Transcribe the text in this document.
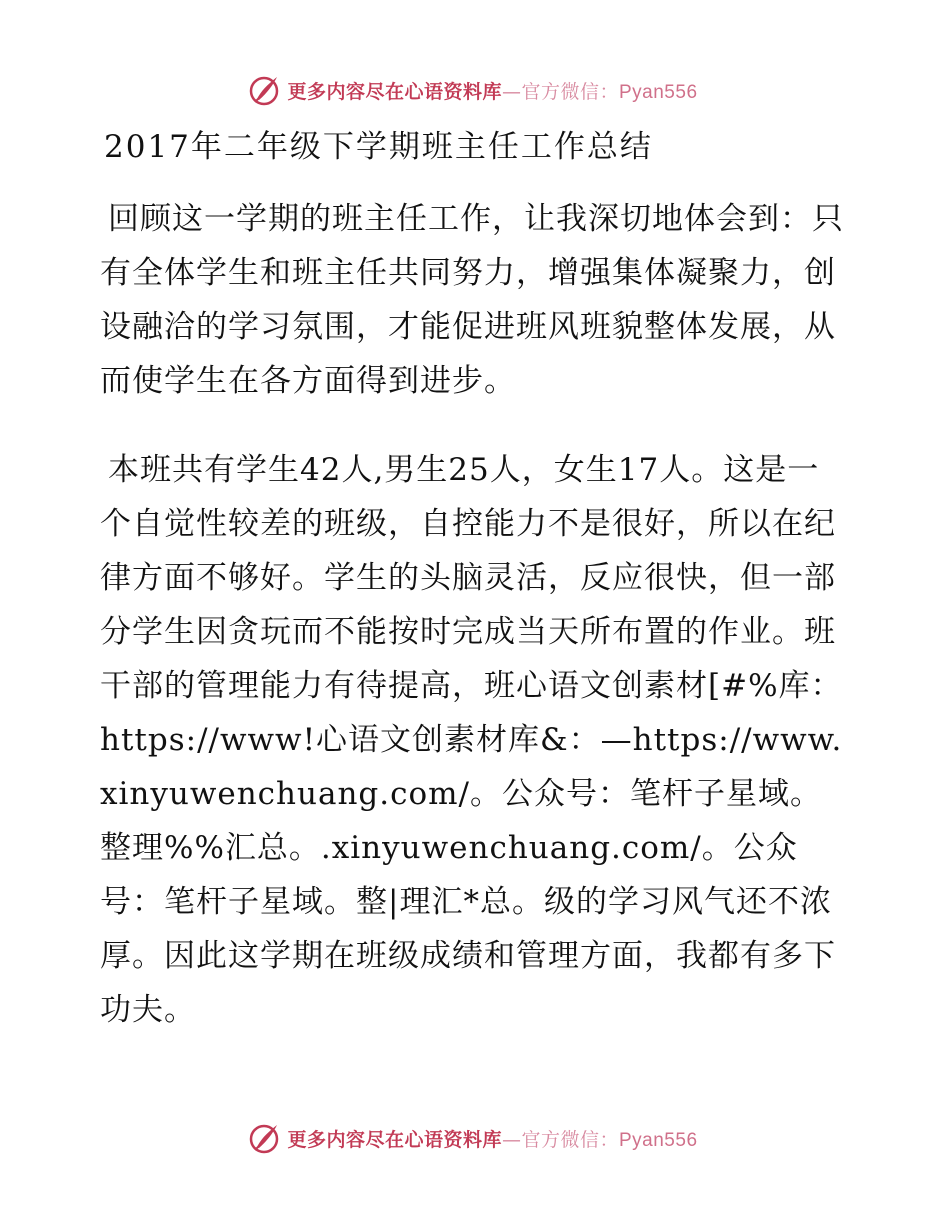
更多内容尽在心语资料库—官方微信：Pyan556
2017年二年级下学期班主任工作总结
回顾这一学期的班主任工作，让我深切地体会到：只有全体学生和班主任共同努力，增强集体凝聚力，创设融洽的学习氛围，才能促进班风班貌整体发展，从而使学生在各方面得到进步。
本班共有学生42人,男生25人，女生17人。这是一个自觉性较差的班级，自控能力不是很好，所以在纪律方面不够好。学生的头脑灵活，反应很快，但一部分学生因贪玩而不能按时完成当天所布置的作业。班干部的管理能力有待提高，班心语文创素材[#%库：https://www!心语文创素材库&：—https://www.xinyuwenchuang.com/。公众号：笔杆子星域。整理%%汇总。.xinyuwenchuang.com/。公众号：笔杆子星域。整|理汇*总。级的学习风气还不浓厚。因此这学期在班级成绩和管理方面，我都有多下功夫。
更多内容尽在心语资料库—官方微信：Pyan556
